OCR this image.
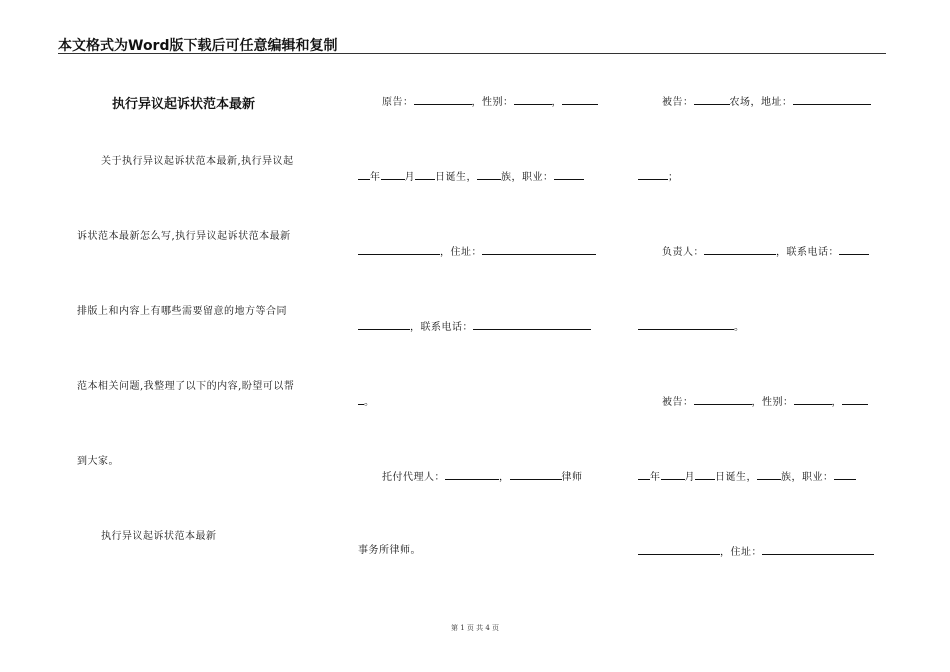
本文格式为Word版下载后可任意编辑和复制
执行异议起诉状范本最新
关于执行异议起诉状范本最新,执行异议起
诉状范本最新怎么写,执行异议起诉状范本最新
排版上和内容上有哪些需要留意的地方等合同
范本相关问题,我整理了以下的内容,盼望可以帮
到大家。
执行异议起诉状范本最新
原告：	，性别：	，
年 月 日诞生， 族，职业：
，住址：
，联系电话：
。
托付代理人：	，	律师
事务所律师。
被告：	农场，地址：
；
负责人：	，联系电话：
。
被告：	，性别：	，
年 月 日诞生， 族，职业：
，住址：
第 1 页 共 4 页
